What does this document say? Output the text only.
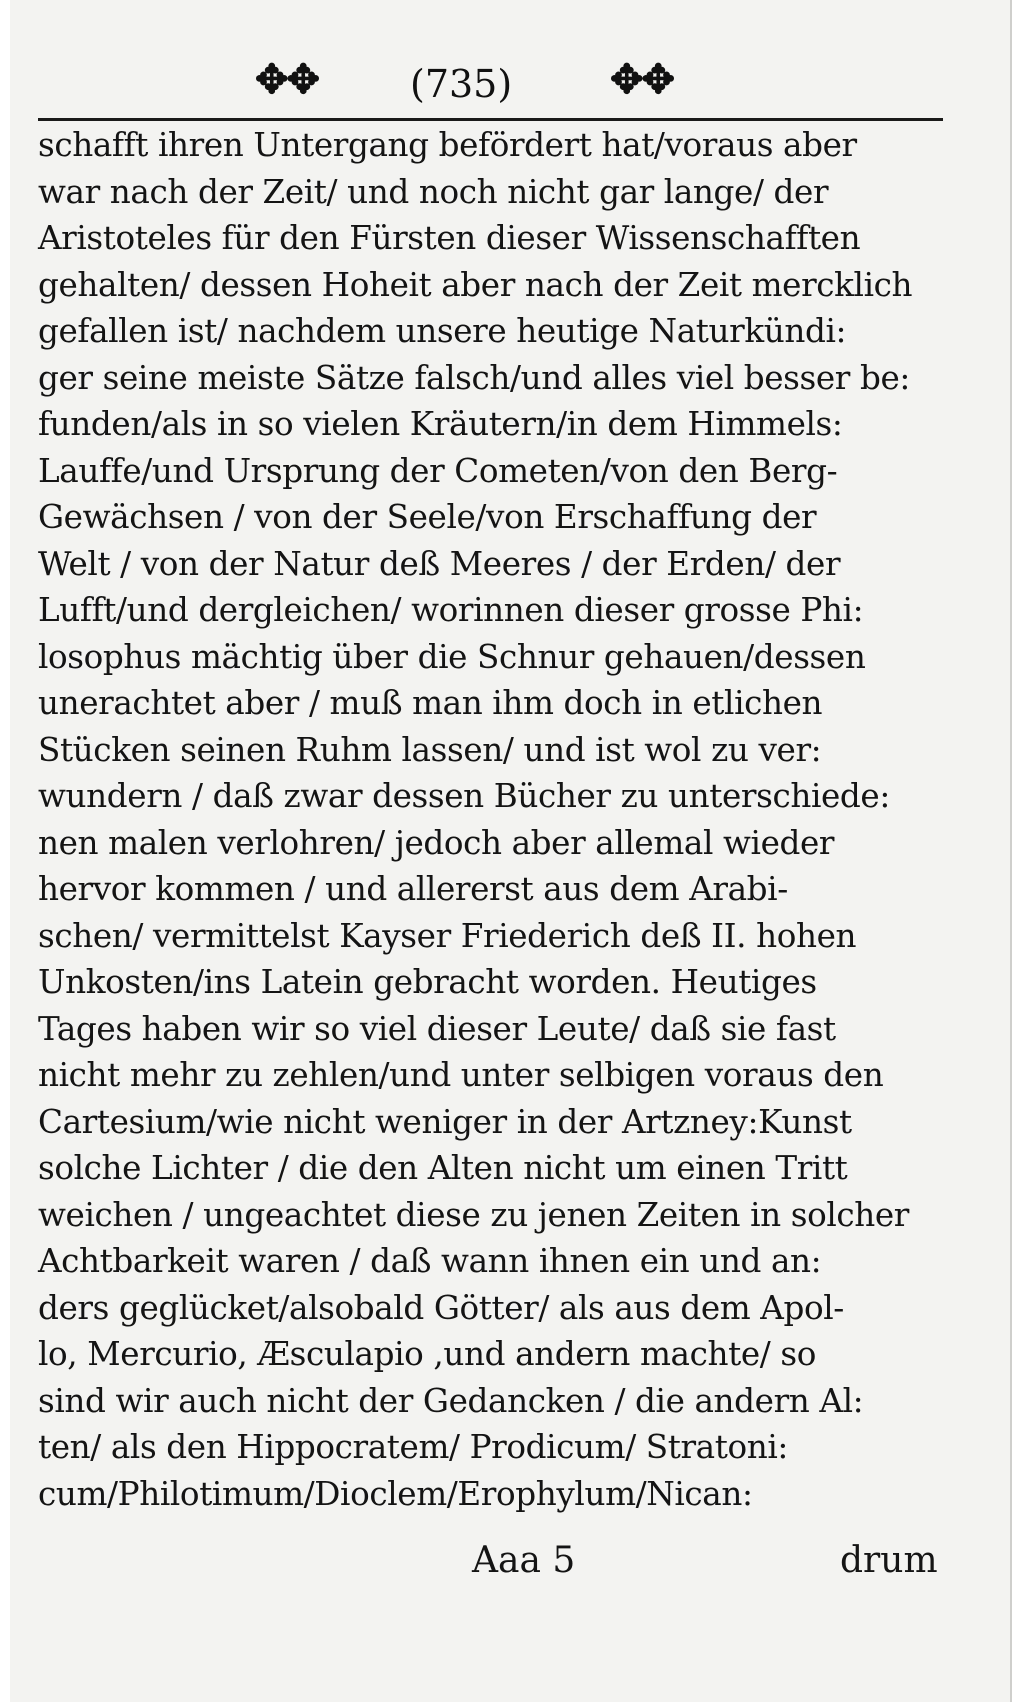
✥✥ (735) ✥✥
schafft ihren Untergang befördert hat/voraus aber
war nach der Zeit/ und noch nicht gar lange/ der
Aristoteles für den Fürsten dieser Wissenschafften
gehalten/ dessen Hoheit aber nach der Zeit mercklich
gefallen ist/ nachdem unsere heutige Naturkündi:
ger seine meiste Sätze falsch/und alles viel besser be:
funden/als in so vielen Kräutern/in dem Himmels:
Lauffe/und Ursprung der Cometen/von den Berg-
Gewächsen / von der Seele/von Erschaffung der
Welt / von der Natur deß Meeres / der Erden/ der
Lufft/und dergleichen/ worinnen dieser grosse Phi:
losophus mächtig über die Schnur gehauen/dessen
unerachtet aber / muß man ihm doch in etlichen
Stücken seinen Ruhm lassen/ und ist wol zu ver:
wundern / daß zwar dessen Bücher zu unterschiede:
nen malen verlohren/ jedoch aber allemal wieder
hervor kommen / und allererst aus dem Arabi-
schen/ vermittelst Kayser Friederich deß II. hohen
Unkosten/ins Latein gebracht worden. Heutiges
Tages haben wir so viel dieser Leute/ daß sie fast
nicht mehr zu zehlen/und unter selbigen voraus den
Cartesium/wie nicht weniger in der Artzney:Kunst
solche Lichter / die den Alten nicht um einen Tritt
weichen / ungeachtet diese zu jenen Zeiten in solcher
Achtbarkeit waren / daß wann ihnen ein und an:
ders geglücket/alsobald Götter/ als aus dem Apol-
lo, Mercurio, Æsculapio ,und andern machte/ so
sind wir auch nicht der Gedancken / die andern Al:
ten/ als den Hippocratem/ Prodicum/ Stratoni:
cum/Philotimum/Dioclem/Erophylum/Nican:
Aaa 5	drum
